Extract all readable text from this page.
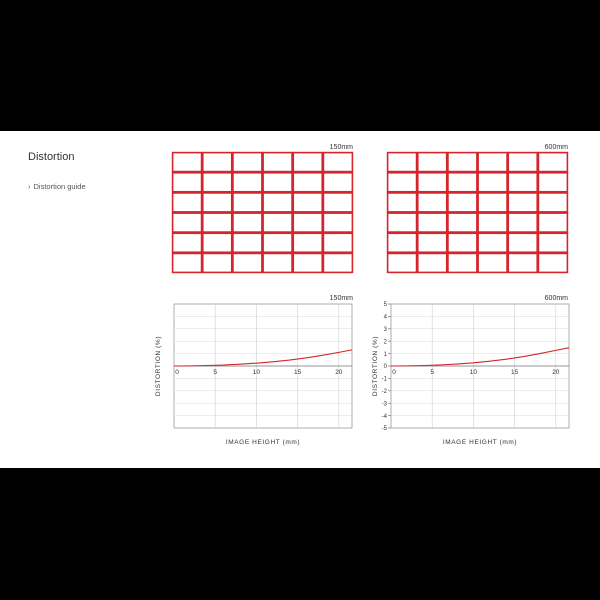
Distortion
› Distortion guide
150mm	600mm
150mm
0	5	10	15	20
IMAGE HEIGHT (mm)
DISTORTION (%)
600mm
0	5	10	15	20
5
4
3
2
1
0
-1
-2
-3
-4
-5
IMAGE HEIGHT (mm)
DISTORTION (%)
